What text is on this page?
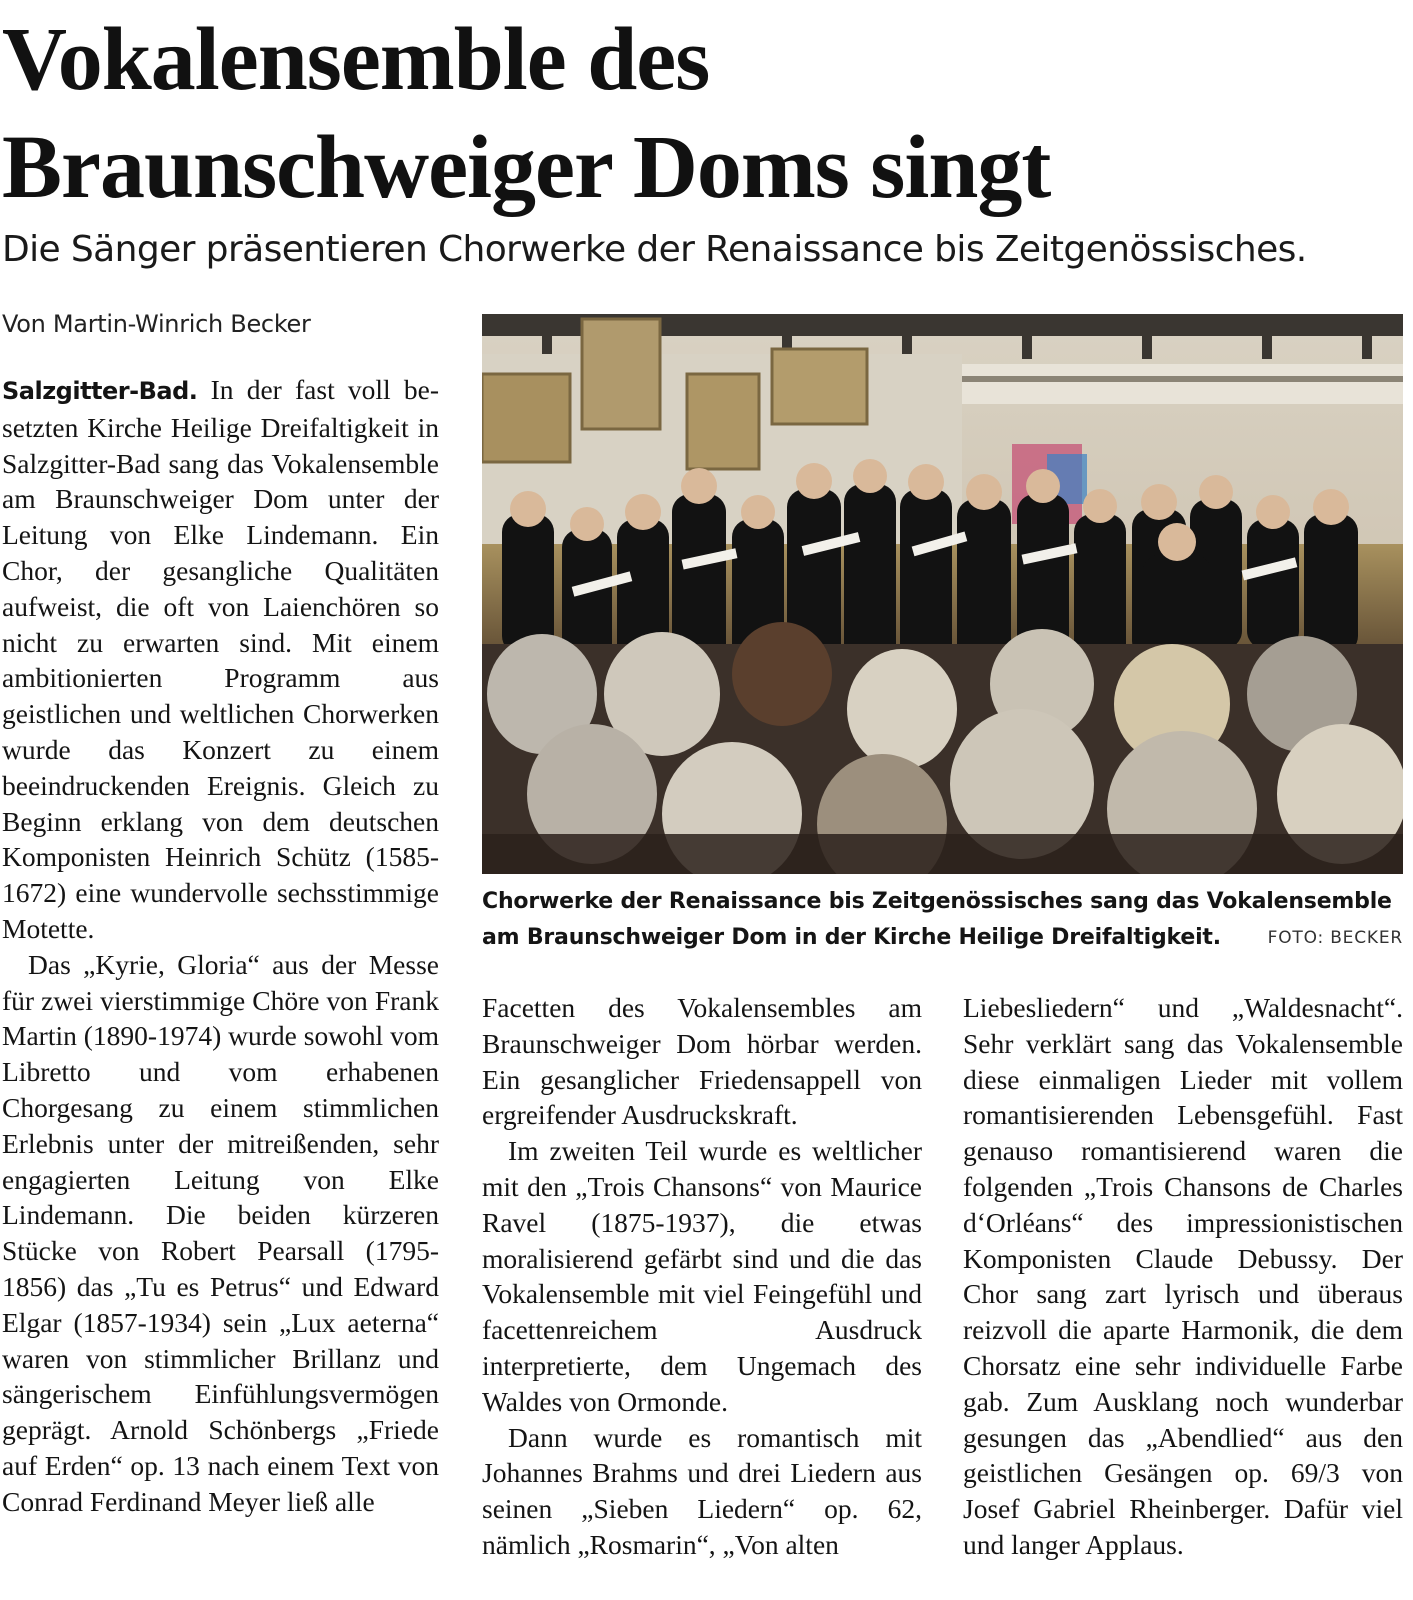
Vokalensemble des
Braunschweiger Doms singt
Die Sänger präsentieren Chorwerke der Renaissance bis Zeitgenössisches.
Von Martin-Winrich Becker

Salzgitter-Bad. In der fast voll besetzten Kirche Heilige Dreifaltigkeit in Salzgitter-Bad sang das Vokalensemble am Braunschweiger Dom unter der Leitung von Elke Lindemann. Ein Chor, der gesangliche Qualitäten aufweist, die oft von Laienchören so nicht zu erwarten sind. Mit einem ambitionierten Programm aus geistlichen und weltlichen Chorwerken wurde das Konzert zu einem beeindruckenden Ereignis. Gleich zu Beginn erklang von dem deutschen Komponisten Heinrich Schütz (1585-1672) eine wundervolle sechsstimmige Motette.

Das „Kyrie, Gloria“ aus der Messe für zwei vierstimmige Chöre von Frank Martin (1890-1974) wurde sowohl vom Libretto und vom erhabenen Chorgesang zu einem stimmlichen Erlebnis unter der mitreißenden, sehr engagierten Leitung von Elke Lindemann. Die beiden kürzeren Stücke von Robert Pearsall (1795-1856) das „Tu es Petrus“ und Edward Elgar (1857-1934) sein „Lux aeterna“ waren von stimmlicher Brillanz und sängerischem Einfühlungsvermögen geprägt. Arnold Schönbergs „Friede auf Erden“ op. 13 nach einem Text von Conrad Ferdinand Meyer ließ alle

Chorwerke der Renaissance bis Zeitgenössisches sang das Vokalensemble am Braunschweiger Dom in der Kirche Heilige Dreifaltigkeit.	FOTO: BECKER

Facetten des Vokalensembles am Braunschweiger Dom hörbar werden. Ein gesanglicher Friedensappell von ergreifender Ausdruckskraft.

Im zweiten Teil wurde es weltlicher mit den „Trois Chansons“ von Maurice Ravel (1875-1937), die etwas moralisierend gefärbt sind und die das Vokalensemble mit viel Feingefühl und facettenreichem Ausdruck interpretierte, dem Ungemach des Waldes von Ormonde.

Dann wurde es romantisch mit Johannes Brahms und drei Liedern aus seinen „Sieben Liedern“ op. 62, nämlich „Rosmarin“, „Von alten

Liebesliedern“ und „Waldesnacht“. Sehr verklärt sang das Vokalensemble diese einmaligen Lieder mit vollem romantisierenden Lebensgefühl. Fast genauso romantisierend waren die folgenden „Trois Chansons de Charles d‘Orléans“ des impressionistischen Komponisten Claude Debussy. Der Chor sang zart lyrisch und überaus reizvoll die aparte Harmonik, die dem Chorsatz eine sehr individuelle Farbe gab. Zum Ausklang noch wunderbar gesungen das „Abendlied“ aus den geistlichen Gesängen op. 69/3 von Josef Gabriel Rheinberger. Dafür viel und langer Applaus.
